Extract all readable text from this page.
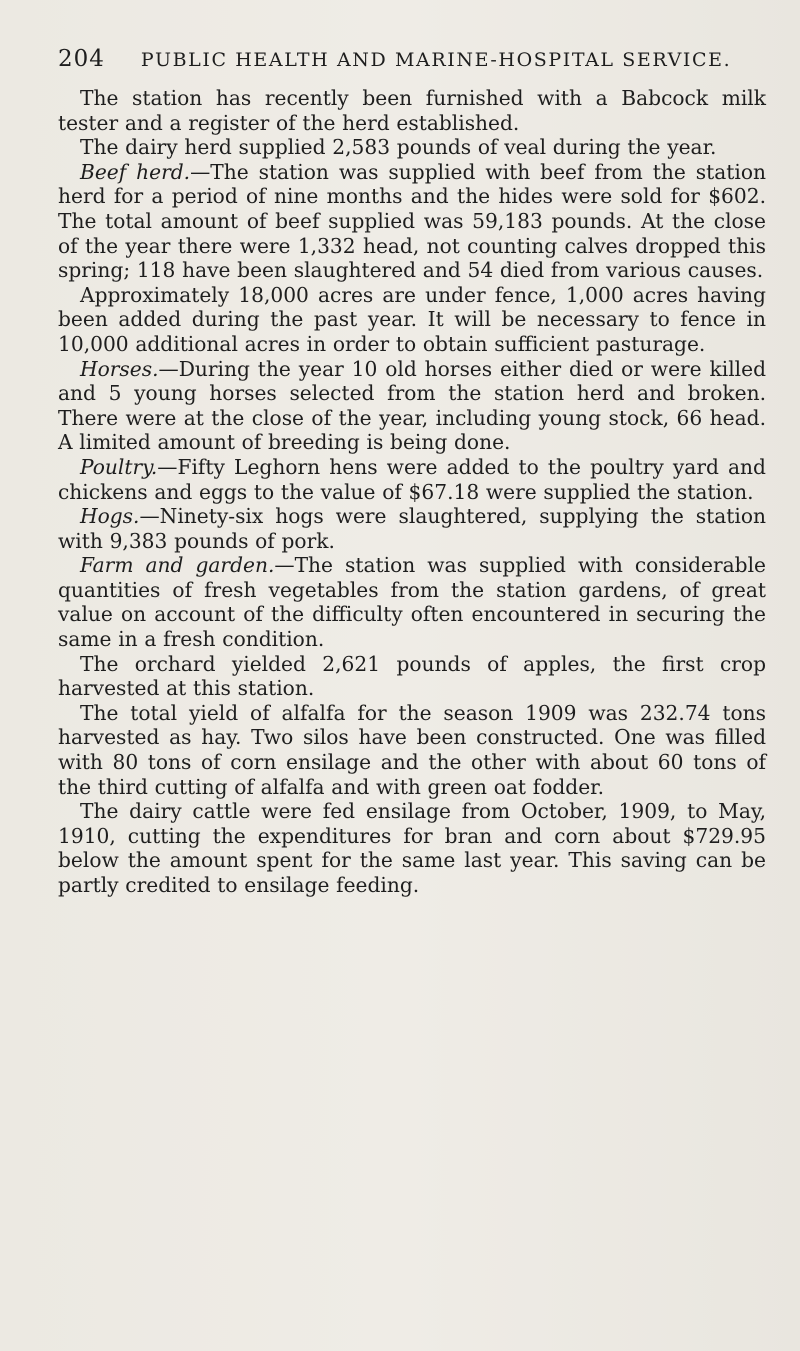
204 PUBLIC HEALTH AND MARINE-HOSPITAL SERVICE.

The station has recently been furnished with a Babcock milk tester and a register of the herd established.

The dairy herd supplied 2,583 pounds of veal during the year.

Beef herd.—The station was supplied with beef from the station herd for a period of nine months and the hides were sold for $602. The total amount of beef supplied was 59,183 pounds. At the close of the year there were 1,332 head, not counting calves dropped this spring; 118 have been slaughtered and 54 died from various causes.

Approximately 18,000 acres are under fence, 1,000 acres having been added during the past year. It will be necessary to fence in 10,000 additional acres in order to obtain sufficient pasturage.

Horses.—During the year 10 old horses either died or were killed and 5 young horses selected from the station herd and broken. There were at the close of the year, including young stock, 66 head. A limited amount of breeding is being done.

Poultry.—Fifty Leghorn hens were added to the poultry yard and chickens and eggs to the value of $67.18 were supplied the station.

Hogs.—Ninety-six hogs were slaughtered, supplying the station with 9,383 pounds of pork.

Farm and garden.—The station was supplied with considerable quantities of fresh vegetables from the station gardens, of great value on account of the difficulty often encountered in securing the same in a fresh condition.

The orchard yielded 2,621 pounds of apples, the first crop harvested at this station.

The total yield of alfalfa for the season 1909 was 232.74 tons harvested as hay. Two silos have been constructed. One was filled with 80 tons of corn ensilage and the other with about 60 tons of the third cutting of alfalfa and with green oat fodder.

The dairy cattle were fed ensilage from October, 1909, to May, 1910, cutting the expenditures for bran and corn about $729.95 below the amount spent for the same last year. This saving can be partly credited to ensilage feeding.
